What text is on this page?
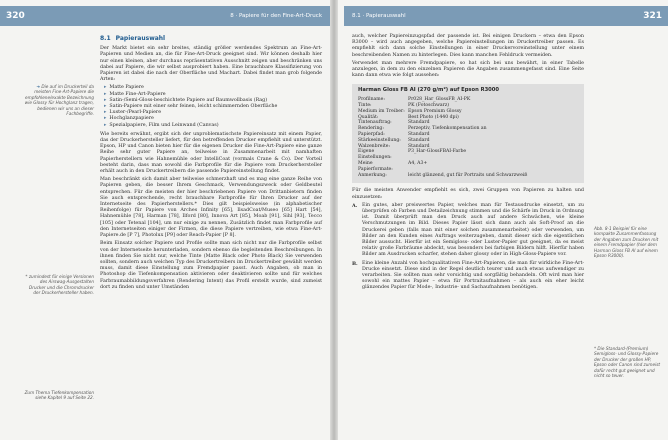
320	8 · Papiere für den Fine-Art-Druck
➔ Die auf im Druckerteil da meisten Fine-Art-Papiere die empfohlene/exakte Bezeichnung wie Glossy für Hochglanz tragen, bedienen wir uns an dieser Fachbegriffe.
* zumindest für einige Versionen des Airswag-Ausgestalten Drucker und die Chromdrucker der Druckerhersteller haben.
Zum Thema Tiefenkompensation siehe Kapitel 9 auf Seite 22.
8.1 Papierauswahl

Der Markt bietet ein sehr breites, ständig größer werdendes Spektrum an Fine-Art-Papieren und Medien an, die für Fine-Art-Druck geeignet sind. Wir können deshalb hier nur einen kleinen, aber durchaus repräsentativen Ausschnitt zeigen und beschränken uns dabei auf Papiere, die wir selbst ausprobiert haben. Eine brauchbare Klassifizierung von Papieren ist dabei die nach der Oberfläche und Machart. Dabei findet man grob folgende Arten:

▸ Matte Papiere
▸ Matte Fine-Art-Papiere
▸ Satin-/Semi-Gloss-beschichtete Papiere auf Baumwollbasis (Rag)
▸ Satin-Papiere mit einer sehr feinen, leicht schimmernden Oberfläche
▸ Luster-/Pearl-Papiere
▸ Hochglanzpapiere
▸ Spezialpapiere, Film und Leinwand (Canvas)

Wie bereits erwähnt, ergibt sich der unproblematischste Papiereinsatz mit einem Papier, das der Druckerhersteller liefert, für den betreffenden Drucker empfiehlt und unterstützt. Epson, HP und Canon bieten hier für die eigenen Drucker die Fine-Art-Papiere eine ganze Reihe sehr guter Papiere an, teilweise in Zusammenarbeit mit namhaften Papierherstellern wie Hahnemühle oder IntelliCoat (vormals Crane & Co). Der Vorteil besteht darin, dass man sowohl die Farbprofile für die Papiere vom Druckerhersteller erhält auch in den Druckertreibern die passende Papiereinstellung findet.

Man beschränkt sich damit aber teilweise schmerzhaft und es mag eine ganze Reihe von Papieren geben, die besser Ihrem Geschmack, Verwendungszweck oder Geldbeutel entsprechen. Für die meisten der hier beschriebenen Papiere von Drittanbietern finden Sie auch entsprechende, recht brauchbare Farbprofile für Ihren Drucker auf der Internetseite des Papierherstellers.* Dies gilt beispielsweise (in alphabetischer Reihenfolge) für Papiere von Arches Infinity [65], IlsadCoat/Museo [65] Hart [54], Hahnemühle [78], Harman [78], Ilford [80], Innova Art [85], Moab [91], Sihl [93], Tecco [105] oder Tetenal [104], um nur einige zu nennen, Zusätzlich findet man Farbprofile auf den Internetseiten einiger der Firmen, die diese Papiere vertreiben, wie etwa Fine-Art-Papiere.de [P 7], Photolux [P9] oder Reach-Papier [P 8].

Beim Einsatz solcher Papiere und Profile sollte man sich nicht nur die Farbprofile selbst von der Internetseite herunterladen, sondern ebenso die begleitenden Beschreibungen. In ihnen finden Sie nicht nur, welche Tinte (Matte Black oder Photo Black) Sie verwenden sollten, sondern auch welchen Typ des Druckertreibers im Druckertreiber gewählt werden muss, damit diese Einstellung zum Fremdpapier passt. Auch Angaben, ob man in Photoshop die Tiefenkompensation aktivieren oder deaktivieren sollte und für welches Farbraumabbildungsverfahren (Rendering Intent) das Profil erstellt wurde, sind zumeist dort zu finden und unter Umständen

8.1 · Papierauswahl	321
Abb. 8-1 Beispiel für eine kompakte Zusammenfassung der Angaben zum Drucken mit einem Fremdpapier (hier dem Harman Gloss FB AI auf einem Epson R3000).
* Die Standard-(Premium) Semigloss- und Glossy-Papiere der Drucker der großen HP, Epson oder Canon sind zumeist dafür recht gut geeignet und nicht so teuer.

auch, welcher Papiereinzugspfad der passende ist. Bei einigen Druckern – etwa den Epson R3000 – wird auch angegeben, welche Papiereinstellungen im Druckertreiber passen. Es empfiehlt sich dann solche Einstellungen in einer Druckervoreinstellung unter einem beschreibenden Namen zu hinterlegen. Dies kann manchen Fehldruck vermeiden.

Verwendet man mehrere Fremdpapiere, so hat sich bei uns bewährt, in einer Tabelle anzulegen, in dem zu den einzelnen Papieren die Angaben zusammengefasst sind. Eine Seite kann dann etwa wie folgt aussehen:

Harman Gloss FB AI (270 g/m²) auf Epson R3000
Profilname:	Pr028_Har_GlossFB_AI-PK
Tinte:	PK (Fotoschwarz)
Medium im Treiber: Epson Premium Glossy
Qualität:	Best Photo (1440 dpi)
Tintenauftrag:	Standard
Rendering:	Perzeptiv, Tiefenkompensation an
Papierpfad:	Standard
Stärkeeinstellung:	Standard
Walzenbreite:	Standard
Eigene Einstellungen:
P3_Har-GlossFBAI-Farbe
Meine Papierformate:
A4, A3+
Anmerkung:	leicht glänzend, gut für Portraits und Schwarzweiß

Für die meisten Anwender empfiehlt es sich, zwei Gruppen von Papieren zu halten und einzusetzen:

A. Ein gutes, aber preiswertes Papier, welches man für Testausdrucke einsetzt, um zu überprüfen ob Farben und Detailzeichnung stimmen und die Schärfe im Druck in Ordnung ist. Damit überprüft man den Druck auch auf andere Schwächen, wie kleine Verschmutzungen im Bild. Dieses Papier lässt sich dann auch als Soft-Proof an die Druckerei geben (falls man mit einer solchen zusammenarbeitet) oder verwenden, um Bilder an den Kunden eines Auftrags weiterzugeben, damit dieser sich die eigentlichen Bilder aussucht. Hierfür ist ein Semigloss- oder Luster-Papier gut geeignet, da es meist relativ große Farbräume abdeckt, was besonders bei farbigen Bildern hilft. Hierfür haben Bilder am Ausdrucken scharfer, stehen daher glossy oder in High-Gloss-Papiere vor.
B. Eine kleine Anzahl von hochqualitativen Fine-Art-Papieren, die man für wirkliche Fine-Art-Drucke einsetzt. Diese sind in der Regel deutlich teurer und auch etwas aufwendiger zu verarbeiten. Sie sollten man sehr vorsichtig und sorgfältig behandeln. Oft wird man hier sowohl ein mattes Papier – etwa für Portraitaufnahmen – als auch ein eher leicht glänzendes Papier für Mode-, Industrie- und Sachaufnahmen benötigen.
